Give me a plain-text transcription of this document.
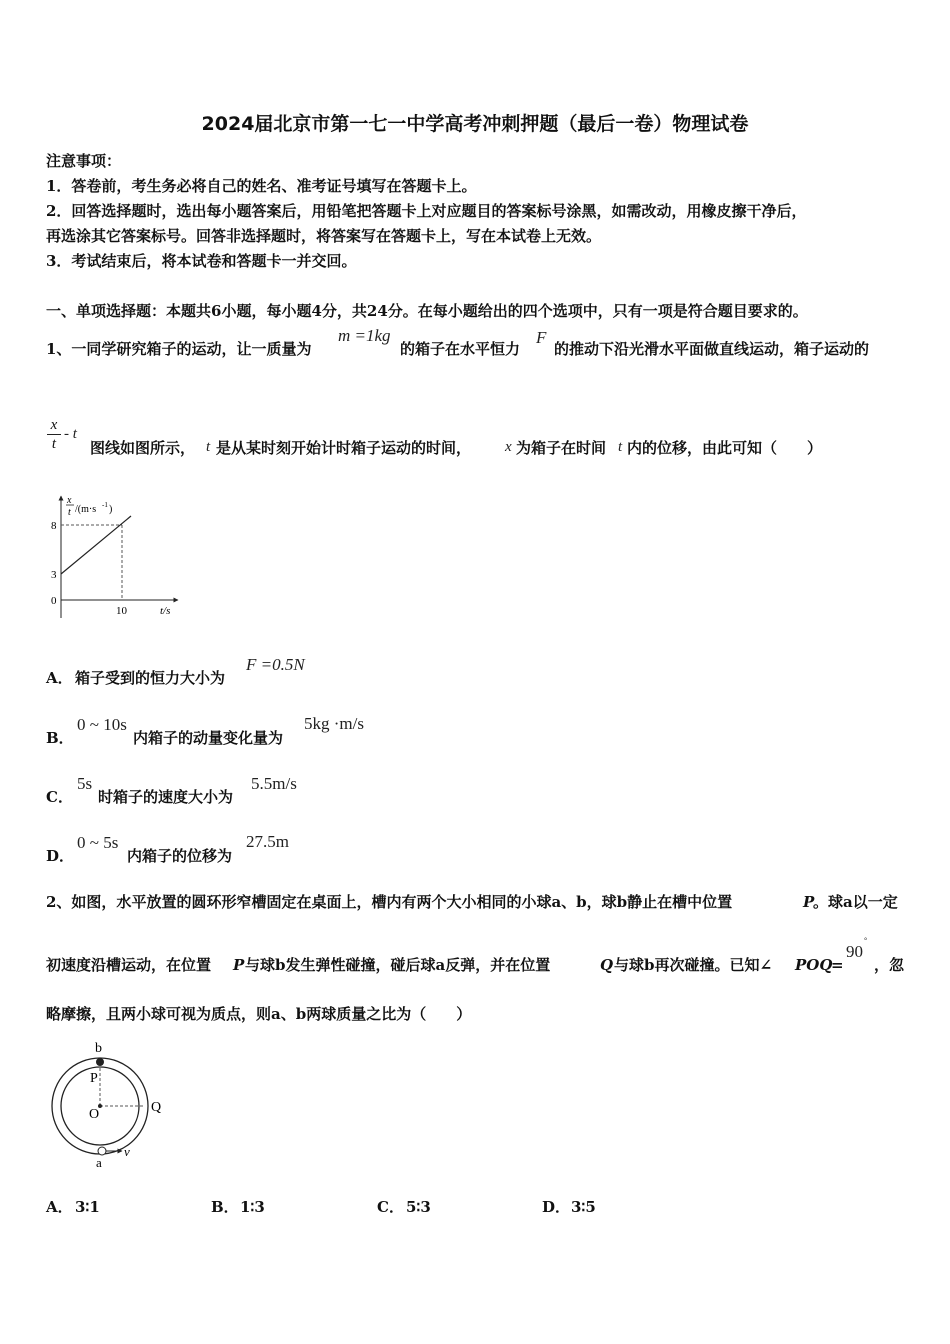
2024届北京市第一七一中学高考冲刺押题（最后一卷）物理试卷
注意事项：
1．答卷前，考生务必将自己的姓名、准考证号填写在答题卡上。
2．回答选择题时，选出每小题答案后，用铅笔把答题卡上对应题目的答案标号涂黑，如需改动，用橡皮擦干净后，
再选涂其它答案标号。回答非选择题时，将答案写在答题卡上，写在本试卷上无效。
3．考试结束后，将本试卷和答题卡一并交回。
一、单项选择题：本题共6小题，每小题4分，共24分。在每小题给出的四个选项中，只有一项是符合题目要求的。
1、一同学研究箱子的运动，让一质量为
m =1kg
的箱子在水平恒力
F
的推动下沿光滑水平面做直线运动，箱子运动的
x
t
- t
图线如图所示， t 是从某时刻开始计时箱子运动的时间， x 为箱子在时间 t 内的位移，由此可知（　　）
x
t /(m·s -1 )
8
3
0
10	t/s
A． 箱子受到的恒力大小为
F =0.5N
B．
0 ~ 10s
内箱子的动量变化量为
5kg ·m/s
C．
5s
时箱子的速度大小为
5.5m/s
D．
0 ~ 5s
内箱子的位移为
27.5m
2、如图，水平放置的圆环形窄槽固定在桌面上，槽内有两个大小相同的小球a、b，球b静止在槽中位置	P
。球a以一定
初速度沿槽运动，在位置 P 与球b发生弹性碰撞，碰后球a反弹，并在位置	Q 与球b再次碰撞。已知∠ POQ
=
90
°
，忽
略摩擦，且两小球可视为质点，则a、b两球质量之比为（　　）
b
P
O	Q
a
v
A． 3∶1	B． 1∶3	C． 5∶3	D． 3∶5
